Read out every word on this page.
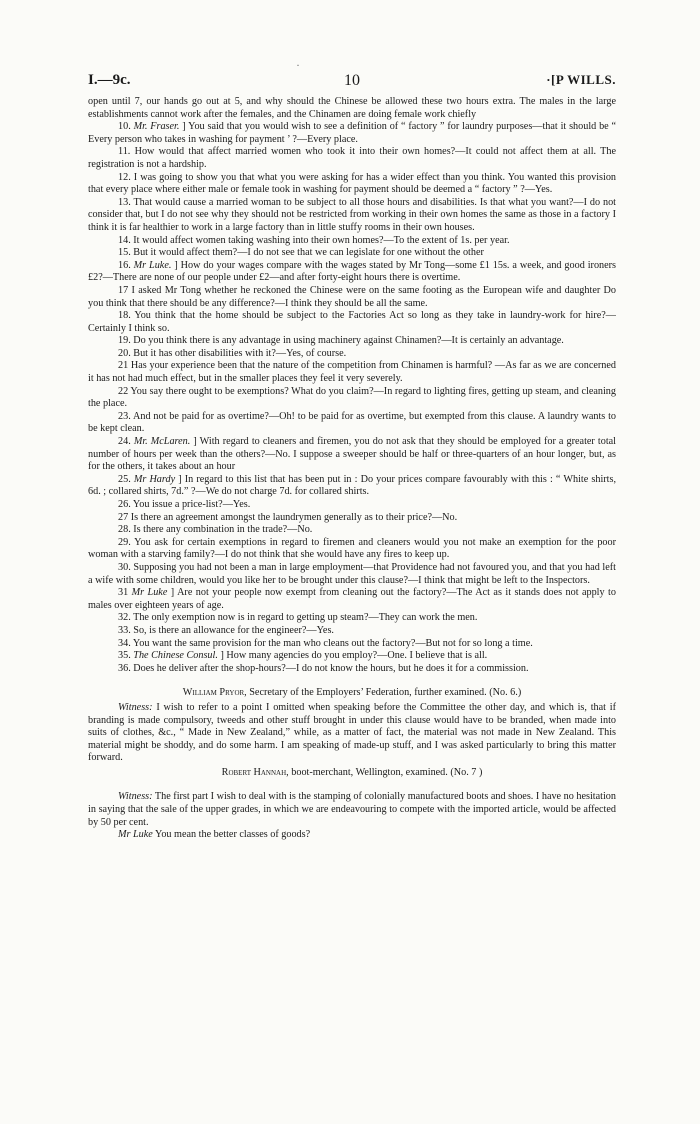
·
I.—9c.	10	·[P WILLS.

open until 7, our hands go out at 5, and why should the Chinese be allowed these two hours extra. The males in the large establishments cannot work after the females, and the Chinamen are doing female work chiefly

10. Mr. Fraser. ] You said that you would wish to see a definition of “ factory ” for laundry purposes—that it should be “ Every person who takes in washing for payment ’ ?—Every place.

11. How would that affect married women who took it into their own homes?—It could not affect them at all. The registration is not a hardship.

12. I was going to show you that what you were asking for has a wider effect than you think. You wanted this provision that every place where either male or female took in washing for payment should be deemed a “ factory ” ?—Yes.

13. That would cause a married woman to be subject to all those hours and disabilities. Is that what you want?—I do not consider that, but I do not see why they should not be restricted from working in their own homes the same as those in a factory I think it is far healthier to work in a large factory than in little stuffy rooms in their own houses.

14. It would affect women taking washing into their own homes?—To the extent of 1s. per year.

15. But it would affect them?—I do not see that we can legislate for one without the other

16. Mr Luke. ] How do your wages compare with the wages stated by Mr Tong—some £1 15s. a week, and good ironers £2?—There are none of our people under £2—and after forty-eight hours there is overtime.

17 I asked Mr Tong whether he reckoned the Chinese were on the same footing as the European wife and daughter Do you think that there should be any difference?—I think they should be all the same.

18. You think that the home should be subject to the Factories Act so long as they take in laundry-work for hire?—Certainly I think so.

19. Do you think there is any advantage in using machinery against Chinamen?—It is certainly an advantage.

20. But it has other disabilities with it?—Yes, of course.

21 Has your experience been that the nature of the competition from Chinamen is harmful? —As far as we are concerned it has not had much effect, but in the smaller places they feel it very severely.

22 You say there ought to be exemptions? What do you claim?—In regard to lighting fires, getting up steam, and cleaning the place.

23. And not be paid for as overtime?—Oh! to be paid for as overtime, but exempted from this clause. A laundry wants to be kept clean.

24. Mr. McLaren. ] With regard to cleaners and firemen, you do not ask that they should be employed for a greater total number of hours per week than the others?—No. I suppose a sweeper should be half or three-quarters of an hour longer, but, as for the others, it takes about an hour

25. Mr Hardy ] In regard to this list that has been put in : Do your prices compare favourably with this : “ White shirts, 6d. ; collared shirts, 7d.” ?—We do not charge 7d. for collared shirts.

26. You issue a price-list?—Yes.

27 Is there an agreement amongst the laundrymen generally as to their price?—No.

28. Is there any combination in the trade?—No.

29. You ask for certain exemptions in regard to firemen and cleaners would you not make an exemption for the poor woman with a starving family?—I do not think that she would have any fires to keep up.

30. Supposing you had not been a man in large employment—that Providence had not favoured you, and that you had left a wife with some children, would you like her to be brought under this clause?—I think that might be left to the Inspectors.

31 Mr Luke ] Are not your people now exempt from cleaning out the factory?—The Act as it stands does not apply to males over eighteen years of age.

32. The only exemption now is in regard to getting up steam?—They can work the men.

33. So, is there an allowance for the engineer?—Yes.

34. You want the same provision for the man who cleans out the factory?—But not for so long a time.

35. The Chinese Consul. ] How many agencies do you employ?—One. I believe that is all.

36. Does he deliver after the shop-hours?—I do not know the hours, but he does it for a commission.

William Pryor, Secretary of the Employers’ Federation, further examined. (No. 6.)

Witness: I wish to refer to a point I omitted when speaking before the Committee the other day, and which is, that if branding is made compulsory, tweeds and other stuff brought in under this clause would have to be branded, when made into suits of clothes, &c., “ Made in New Zealand,” while, as a matter of fact, the material was not made in New Zealand. This material might be shoddy, and do some harm. I am speaking of made-up stuff, and I was asked particularly to bring this matter forward.

Robert Hannah, boot-merchant, Wellington, examined. (No. 7 )

Witness: The first part I wish to deal with is the stamping of colonially manufactured boots and shoes. I have no hesitation in saying that the sale of the upper grades, in which we are endeavouring to compete with the imported article, would be affected by 50 per cent.

Mr Luke You mean the better classes of goods?
